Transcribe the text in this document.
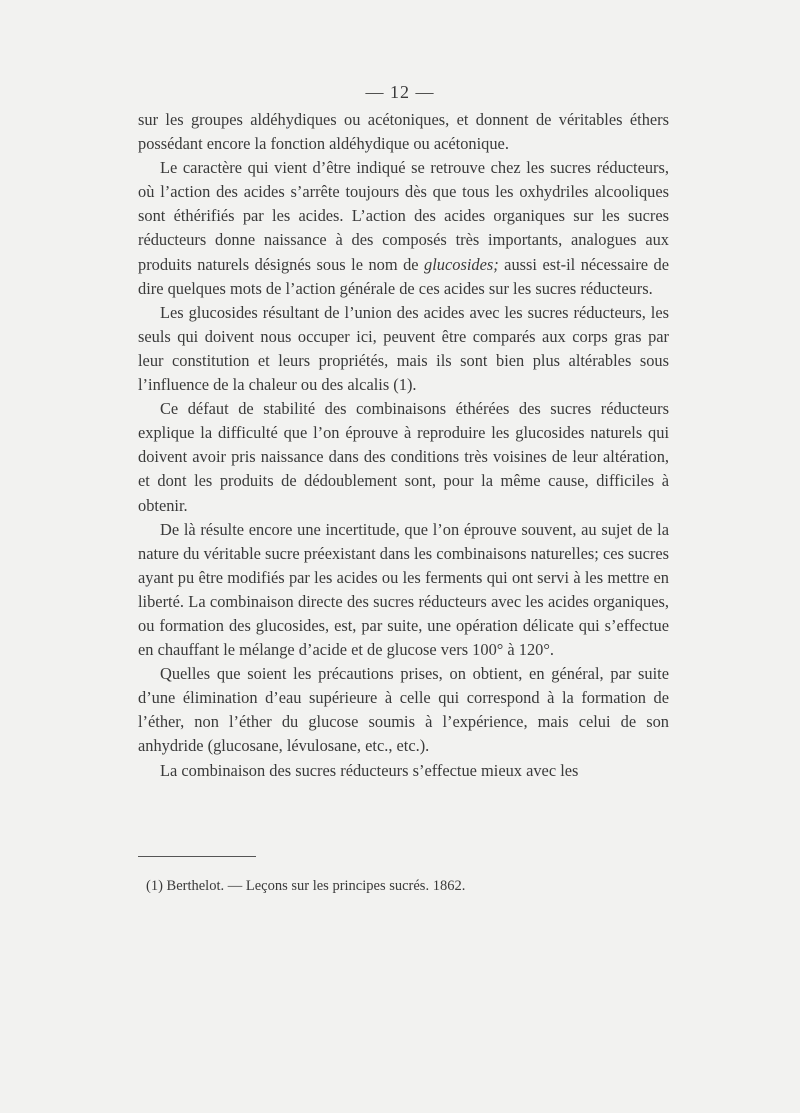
— 12 —

sur les groupes aldéhydiques ou acétoniques, et donnent de véritables éthers possédant encore la fonction aldéhydique ou acétonique.

Le caractère qui vient d’être indiqué se retrouve chez les sucres réducteurs, où l’action des acides s’arrête toujours dès que tous les oxhydriles alcooliques sont éthérifiés par les acides. L’action des acides organiques sur les sucres réducteurs donne naissance à des composés très importants, analogues aux produits naturels désignés sous le nom de glucosides; aussi est-il nécessaire de dire quelques mots de l’action générale de ces acides sur les sucres réducteurs.

Les glucosides résultant de l’union des acides avec les sucres réducteurs, les seuls qui doivent nous occuper ici, peuvent être comparés aux corps gras par leur constitution et leurs propriétés, mais ils sont bien plus altérables sous l’influence de la chaleur ou des alcalis (1).

Ce défaut de stabilité des combinaisons éthérées des sucres réducteurs explique la difficulté que l’on éprouve à reproduire les glucosides naturels qui doivent avoir pris naissance dans des conditions très voisines de leur altération, et dont les produits de dédoublement sont, pour la même cause, difficiles à obtenir.

De là résulte encore une incertitude, que l’on éprouve souvent, au sujet de la nature du véritable sucre préexistant dans les combinaisons naturelles; ces sucres ayant pu être modifiés par les acides ou les ferments qui ont servi à les mettre en liberté. La combinaison directe des sucres réducteurs avec les acides organiques, ou formation des glucosides, est, par suite, une opération délicate qui s’effectue en chauffant le mélange d’acide et de glucose vers 100° à 120°.

Quelles que soient les précautions prises, on obtient, en général, par suite d’une élimination d’eau supérieure à celle qui correspond à la formation de l’éther, non l’éther du glucose soumis à l’expérience, mais celui de son anhydride (glucosane, lévulosane, etc., etc.).

La combinaison des sucres réducteurs s’effectue mieux avec les

(1) Berthelot. — Leçons sur les principes sucrés. 1862.
